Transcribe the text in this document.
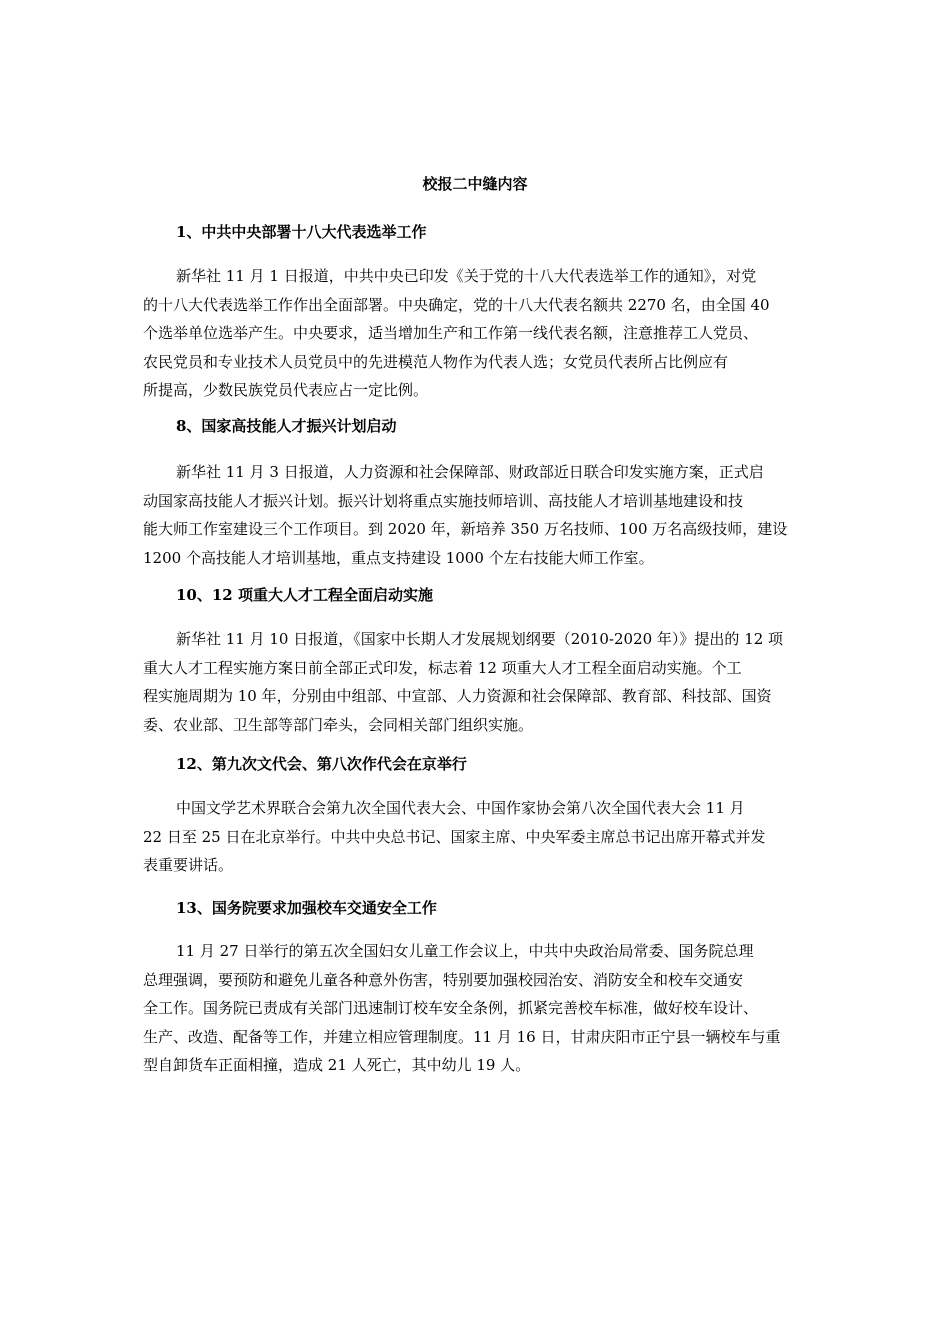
校报二中缝内容
1、中共中央部署十八大代表选举工作
新华社 11 月 1 日报道，中共中央已印发《关于党的十八大代表选举工作的通知》，对党
的十八大代表选举工作作出全面部署。中央确定，党的十八大代表名额共 2270 名，由全国 40
个选举单位选举产生。中央要求，适当增加生产和工作第一线代表名额，注意推荐工人党员、
农民党员和专业技术人员党员中的先进模范人物作为代表人选；女党员代表所占比例应有
所提高，少数民族党员代表应占一定比例。
8、国家高技能人才振兴计划启动
新华社 11 月 3 日报道，人力资源和社会保障部、财政部近日联合印发实施方案，正式启
动国家高技能人才振兴计划。振兴计划将重点实施技师培训、高技能人才培训基地建设和技
能大师工作室建设三个工作项目。到 2020 年，新培养 350 万名技师、100 万名高级技师，建设
1200 个高技能人才培训基地，重点支持建设 1000 个左右技能大师工作室。
10、12 项重大人才工程全面启动实施
新华社 11 月 10 日报道，《国家中长期人才发展规划纲要（2010-2020 年）》提出的 12 项
重大人才工程实施方案日前全部正式印发，标志着 12 项重大人才工程全面启动实施。个工
程实施周期为 10 年，分别由中组部、中宣部、人力资源和社会保障部、教育部、科技部、国资
委、农业部、卫生部等部门牵头，会同相关部门组织实施。
12、第九次文代会、第八次作代会在京举行
中国文学艺术界联合会第九次全国代表大会、中国作家协会第八次全国代表大会 11 月
22 日至 25 日在北京举行。中共中央总书记、国家主席、中央军委主席总书记出席开幕式并发
表重要讲话。
13、国务院要求加强校车交通安全工作
11 月 27 日举行的第五次全国妇女儿童工作会议上，中共中央政治局常委、国务院总理
总理强调，要预防和避免儿童各种意外伤害，特别要加强校园治安、消防安全和校车交通安
全工作。国务院已责成有关部门迅速制订校车安全条例，抓紧完善校车标准，做好校车设计、
生产、改造、配备等工作，并建立相应管理制度。11 月 16 日，甘肃庆阳市正宁县一辆校车与重
型自卸货车正面相撞，造成 21 人死亡，其中幼儿 19 人。
